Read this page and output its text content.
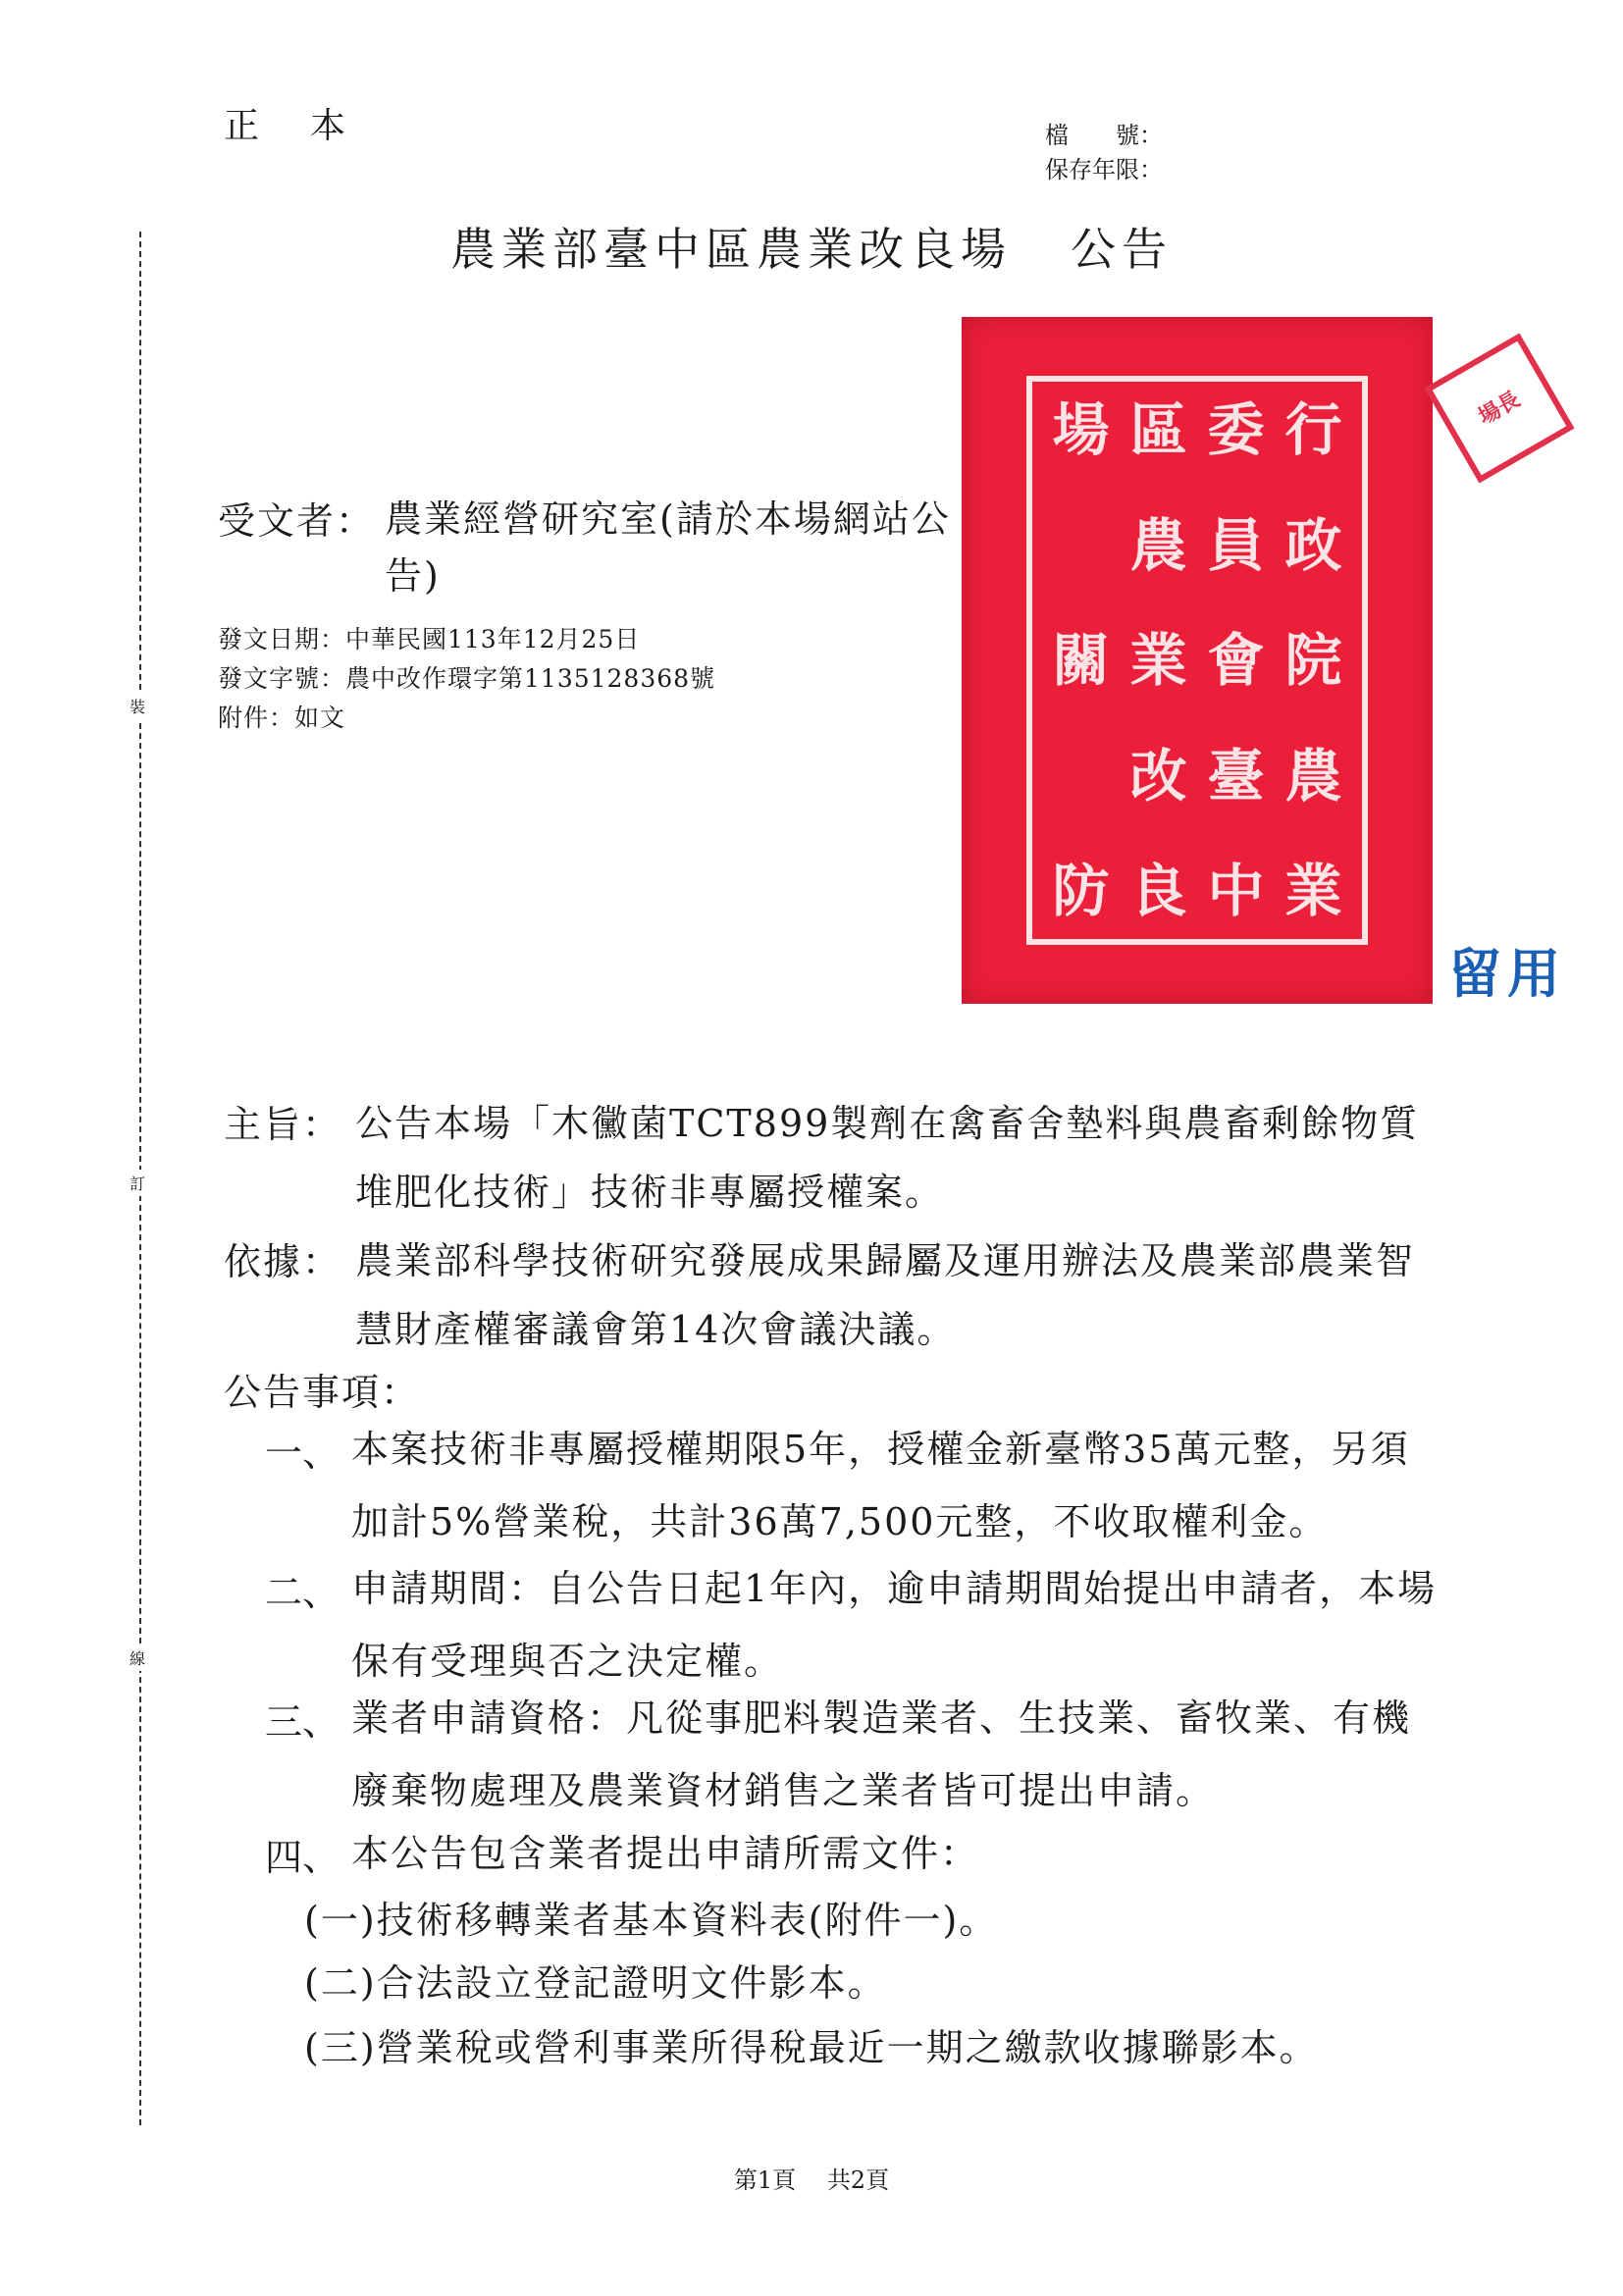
正本	檔　　號：
保存年限：
農業部臺中區農業改良場 公告
裝
訂
線
行
政
院
農
業
委
員
會
臺
中
區
農
業
改
良
場
關
防
場長
留用
受文者： 農業經營研究室(請於本場網站公告)
發文日期：中華民國113年12月25日
發文字號：農中改作環字第1135128368號
附件：如文
主旨： 公告本場「木黴菌TCT899製劑在禽畜舍墊料與農畜剩餘物質堆肥化技術」技術非專屬授權案。
依據： 農業部科學技術研究發展成果歸屬及運用辦法及農業部農業智慧財產權審議會第14次會議決議。
公告事項：
一、 本案技術非專屬授權期限5年，授權金新臺幣35萬元整，另須加計5%營業稅，共計36萬7,500元整，不收取權利金。
二、 申請期間：自公告日起1年內，逾申請期間始提出申請者，本場保有受理與否之決定權。
三、 業者申請資格：凡從事肥料製造業者、生技業、畜牧業、有機廢棄物處理及農業資材銷售之業者皆可提出申請。
四、 本公告包含業者提出申請所需文件：
(一)技術移轉業者基本資料表(附件一)。
(二)合法設立登記證明文件影本。
(三)營業稅或營利事業所得稅最近一期之繳款收據聯影本。
第1頁 共2頁
